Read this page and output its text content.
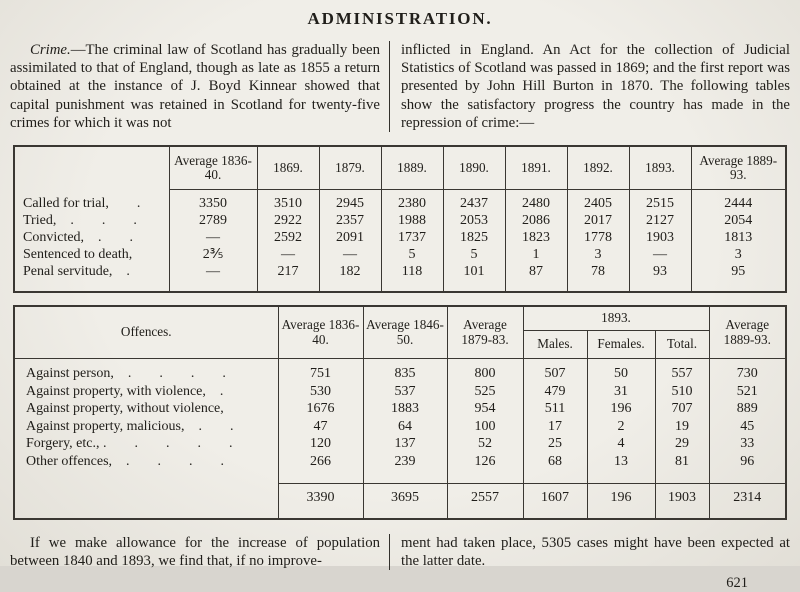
ADMINISTRATION.

Crime.—The criminal law of Scotland has gradually been assimilated to that of England, though as late as 1855 a return obtained at the instance of J. Boyd Kinnear showed that capital punishment was retained in Scotland for twenty-five crimes for which it was not

inflicted in England. An Act for the collection of Judicial Statistics of Scotland was passed in 1869; and the first report was presented by John Hill Burton in 1870. The following tables show the satisfactory progress the country has made in the repression of crime:—

	Average 1836-40.	1869.	1879.	1889.	1890.	1891.	1892.	1893.	Average 1889-93.
Called for trial,  .	3350	3510	2945	2380	2437	2480	2405	2515	2444
Tried, .  .  .	2789	2922	2357	1988	2053	2086	2017	2127	2054
Convicted, .  .	—	2592	2091	1737	1825	1823	1778	1903	1813
Sentenced to death,	2⅗	—	—	5	5	1	3	—	3
Penal servitude, .	—	217	182	118	101	87	78	93	95
Offences.	Average 1836-40.	Average 1846-50.	Average 1879-83.	1893.			Average 1889-93.
				Males.	Females.	Total.	
Against person, .  .  .  .	751	835	800	507	50	557	730
Against property, with violence, .	530	537	525	479	31	510	521
Against property, without violence,	1676	1883	954	511	196	707	889
Against property, malicious, .  .	47	64	100	17	2	19	45
Forgery, etc., .  .  .  .  .	120	137	52	25	4	29	33
Other offences, .  .  .  .	266	239	126	68	13	81	96
	3390	3695	2557	1607	196	1903	2314

If we make allowance for the increase of population between 1840 and 1893, we find that, if no improve-

ment had taken place, 5305 cases might have been expected at the latter date.

621
